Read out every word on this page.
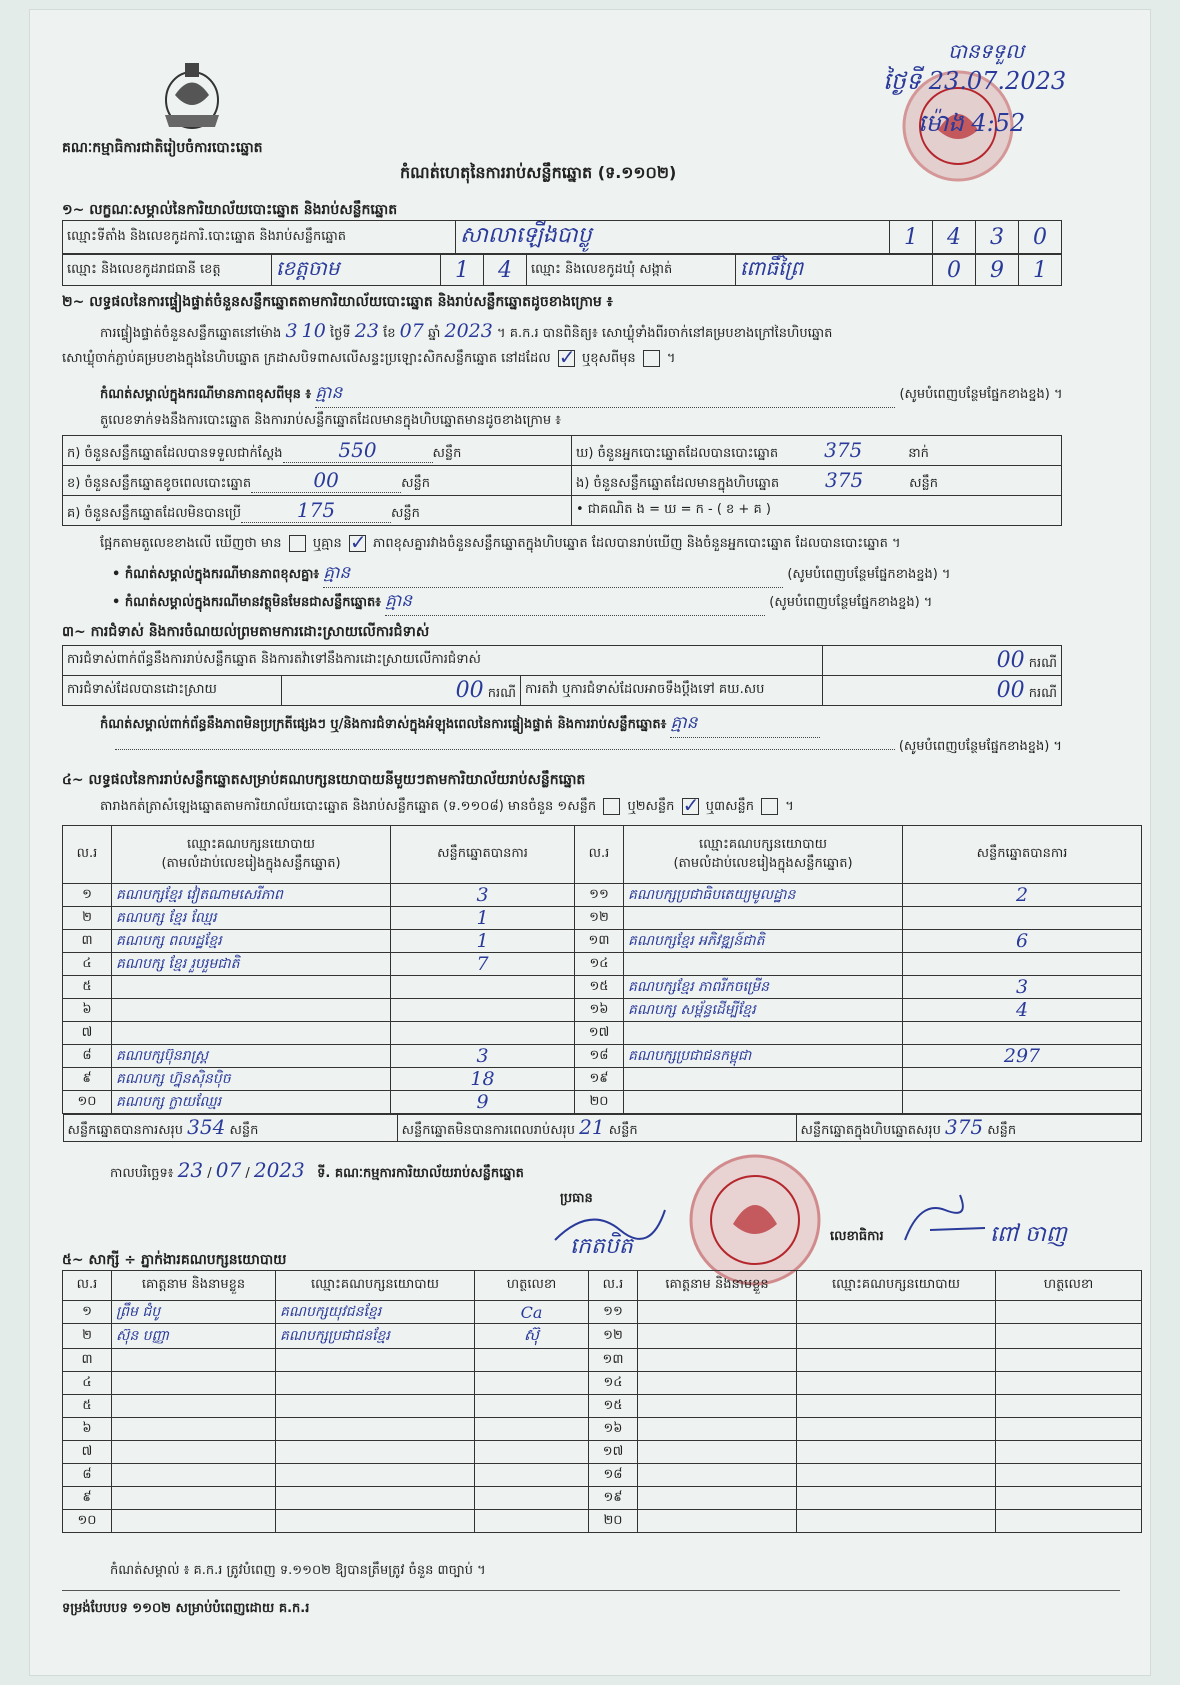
គណៈកម្មាធិការជាតិរៀបចំការបោះឆ្នោត
កំណត់ហេតុនៃការរាប់សន្លឹកឆ្នោត (ទ.១១០២)
បានទទួល
ថ្ងៃទី 23.07.2023
ម៉ោង 4:52
១~ លក្ខណៈសម្គាល់នៃការិយាល័យបោះឆ្នោត និងរាប់សន្លឹកឆ្នោត
ឈ្មោះទីតាំង និងលេខកូដការិ.បោះឆ្នោត និងរាប់សន្លឹកឆ្នោត	សាលាឡើងបាប្លូ	1	4	3	0
ឈ្មោះ និងលេខកូដរាជធានី ខេត្ត	ខេត្តចាម	1	4	ឈ្មោះ និងលេខកូដឃុំ សង្កាត់	ពោធិ៍ព្រៃ	0	9	1
២~ លទ្ធផលនៃការផ្ទៀងផ្ទាត់ចំនួនសន្លឹកឆ្នោតតាមការិយាល័យបោះឆ្នោត និងរាប់សន្លឹកឆ្នោតដូចខាងក្រោម ៖
ការផ្ទៀងផ្ទាត់ចំនួនសន្លឹកឆ្នោតនៅម៉ោង 3 10 ថ្ងៃទី 23 ខែ 07 ឆ្នាំ 2023 ។ គ.ក.រ បានពិនិត្យ៖ សោឃ្លុំទាំងពីរចាក់នៅគម្របខាងក្រៅនៃហិបឆ្នោត
សោឃ្លុំចាក់ភ្ជាប់គម្របខាងក្នុងនៃហិបឆ្នោត ក្រដាសបិទពាសលើសន្ទះប្រឡោះសិកសន្លឹកឆ្នោត នៅដដែល ✓ ឬខុសពីមុន  ។
កំណត់សម្គាល់ក្នុងករណីមានភាពខុសពីមុន ៖ គ្មាន	(សូមបំពេញបន្ថែមផ្នែកខាងខ្នង) ។
តួលេខទាក់ទងនឹងការបោះឆ្នោត និងការរាប់សន្លឹកឆ្នោតដែលមានក្នុងហិបឆ្នោតមានដូចខាងក្រោម ៖
ក) ចំនួនសន្លឹកឆ្នោតដែលបានទទួលជាក់ស្តែង 550 សន្លឹក	ឃ) ចំនួនអ្នកបោះឆ្នោតដែលបានបោះឆ្នោត 375 នាក់
ខ) ចំនួនសន្លឹកឆ្នោតខូចពេលបោះឆ្នោត 00 សន្លឹក	ង) ចំនួនសន្លឹកឆ្នោតដែលមានក្នុងហិបឆ្នោត 375 សន្លឹក
គ) ចំនួនសន្លឹកឆ្នោតដែលមិនបានប្រើ 175 សន្លឹក	• ជាគណិត ង = ឃ = ក - ( ខ + គ )
ផ្អែកតាមតួលេខខាងលើ ឃើញថា មាន ឬគ្មាន ✓ ភាពខុសគ្នារវាងចំនួនសន្លឹកឆ្នោតក្នុងហិបឆ្នោត ដែលបានរាប់ឃើញ និងចំនួនអ្នកបោះឆ្នោត ដែលបានបោះឆ្នោត ។
• កំណត់សម្គាល់ក្នុងករណីមានភាពខុសគ្នា៖ គ្មាន	(សូមបំពេញបន្ថែមផ្នែកខាងខ្នង) ។
• កំណត់សម្គាល់ក្នុងករណីមានវត្ថុមិនមែនជាសន្លឹកឆ្នោត៖ គ្មាន	(សូមបំពេញបន្ថែមផ្នែកខាងខ្នង) ។
៣~ ការជំទាស់ និងការចំណយល់ព្រមតាមការដោះស្រាយលើការជំទាស់
ការជំទាស់ពាក់ព័ន្ធនឹងការរាប់សន្លឹកឆ្នោត និងការតវ៉ាទៅនឹងការដោះស្រាយលើការជំទាស់			00 ករណី
ការជំទាស់ដែលបានដោះស្រាយ	00 ករណី	ការតវ៉ា ឬការជំទាស់ដែលអាចទឹងប្តឹងទៅ គឃ.សប	00 ករណី
កំណត់សម្គាល់ពាក់ព័ន្ធនឹងភាពមិនប្រក្រតីផ្សេងៗ ឬ/និងការជំទាស់ក្នុងអំឡុងពេលនៃការផ្ទៀងផ្ទាត់ និងការរាប់សន្លឹកឆ្នោត៖ គ្មាន
(សូមបំពេញបន្ថែមផ្នែកខាងខ្នង) ។
៤~ លទ្ធផលនៃការរាប់សន្លឹកឆ្នោតសម្រាប់គណបក្សនយោបាយនីមួយៗតាមការិយាល័យរាប់សន្លឹកឆ្នោត
តារាងកត់ត្រាសំឡេងឆ្នោតតាមការិយាល័យបោះឆ្នោត និងរាប់សន្លឹកឆ្នោត (ទ.១១០៨) មានចំនួន ១សន្លឹក ឬ២សន្លឹក ✓ ឬ៣សន្លឹក  ។
ល.រ	
ឈ្មោះគណបក្សនយោបាយ
(តាមលំដាប់លេខរៀងក្នុងសន្លឹកឆ្នោត)
	សន្លឹកឆ្នោតបានការ	ល.រ	
ឈ្មោះគណបក្សនយោបាយ
(តាមលំដាប់លេខរៀងក្នុងសន្លឹកឆ្នោត)
	សន្លឹកឆ្នោតបានការ
១	គណបក្សខ្មែរ វៀតណាមសេរីភាព	3	១១	គណបក្សប្រជាធិបតេយ្យមូលដ្ឋាន	2
២	គណបក្ស ខ្មែរ ឈ្មែរ	1	១២		
៣	គណបក្ស ពលរដ្ឋខ្មែរ	1	១៣	គណបក្សខ្មែរ អភិវឌ្ឍន៍ជាតិ	6
៤	គណបក្ស ខ្មែរ រួបរួមជាតិ	7	១៤		
៥			១៥	គណបក្សខ្មែរ ភាពរីកចម្រើន	3
៦			១៦	គណបក្ស សម្ព័ន្ធដើម្បីខ្មែរ	4
៧			១៧		
៨	គណបក្សប៊ុនរាស្ត្រ	3	១៨	គណបក្សប្រជាជនកម្ពុជា	297
៩	គណបក្ស ហ្វ៊ុនស៊ិនប៉ិច	18	១៩		
១០	គណបក្ស ក្លាយឈ្មែរ	9	២០		

សន្លឹកឆ្នោតបានការសរុប 354 សន្លឹក	សន្លឹកឆ្នោតមិនបានការពេលរាប់សរុប 21 សន្លឹក	សន្លឹកឆ្នោតក្នុងហិបឆ្នោតសរុប 375 សន្លឹក
កាលបរិច្ឆេទ៖ 23 / 07 / 2023 ទី. គណៈកម្មការការិយាល័យរាប់សន្លឹកឆ្នោត
ប្រធាន
កេតបិត	លេខាធិការ	ពៅ​ ចាញ
៥~ សាក្សី ÷ ភ្នាក់ងារគណបក្សនយោបាយ
ល.រ	គោត្តនាម និងនាមខ្លួន	ឈ្មោះគណបក្សនយោបាយ	ហត្ថលេខា	ល.រ	គោត្តនាម និងនាមខ្លួន	ឈ្មោះគណបក្សនយោបាយ	ហត្ថលេខា
១	ព្រឹម ជំបូ	គណបក្សយុវជនខ្មែរ	Ca	១១			
២	ស៊ុន បញ្ញា	គណបក្សប្រជាជនខ្មែរ	ស៊ុ	១២			
៣				១៣			
៤				១៤			
៥				១៥			
៦				១៦			
៧				១៧			
៨				១៨			
៩				១៩			
១០				២០			
កំណត់សម្គាល់ ៖ គ.ក.រ ត្រូវបំពេញ ទ.១១០២ ឱ្យបានត្រឹមត្រូវ ចំនួន ៣ច្បាប់ ។
ទម្រង់បែបបទ ១១០២ សម្រាប់បំពេញដោយ គ.ក.រ
